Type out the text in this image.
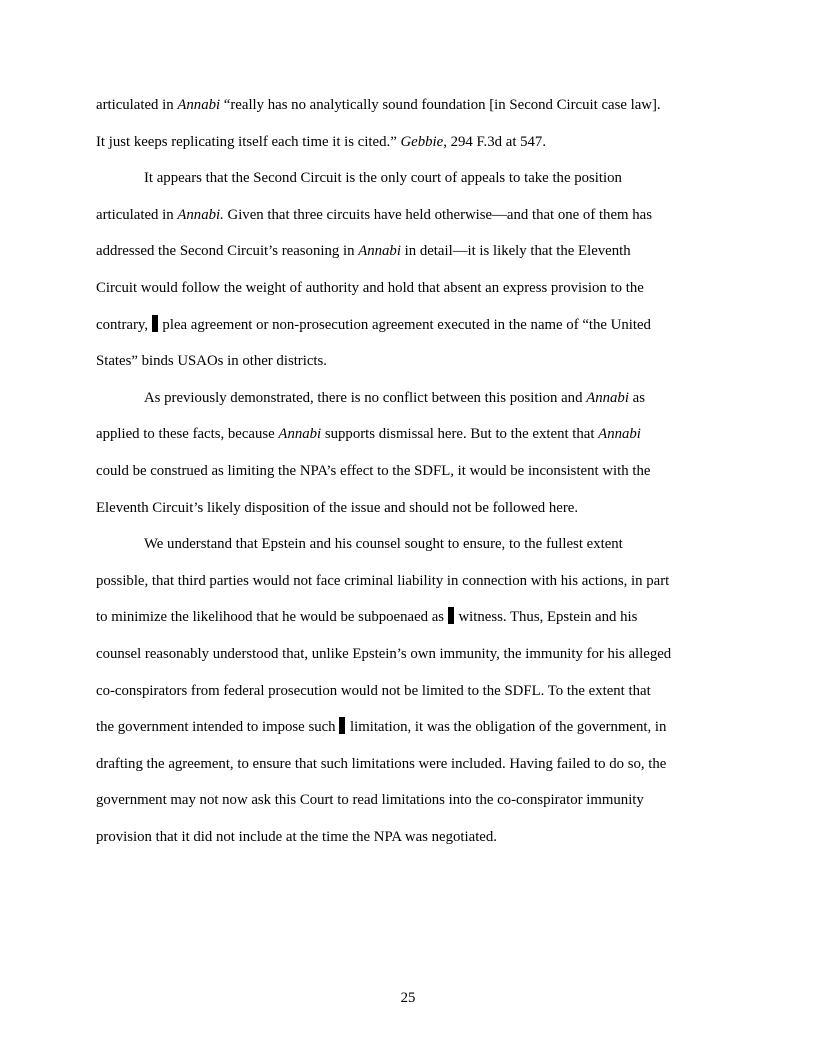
articulated in Annabi “really has no analytically sound foundation [in Second Circuit case law].
It just keeps replicating itself each time it is cited.” Gebbie, 294 F.3d at 547.
It appears that the Second Circuit is the only court of appeals to take the position
articulated in Annabi. Given that three circuits have held otherwise—and that one of them has
addressed the Second Circuit’s reasoning in Annabi in detail—it is likely that the Eleventh
Circuit would follow the weight of authority and hold that absent an express provision to the
contrary,  plea agreement or non-prosecution agreement executed in the name of “the United
States” binds USAOs in other districts.
As previously demonstrated, there is no conflict between this position and Annabi as
applied to these facts, because Annabi supports dismissal here. But to the extent that Annabi
could be construed as limiting the NPA’s effect to the SDFL, it would be inconsistent with the
Eleventh Circuit’s likely disposition of the issue and should not be followed here.
We understand that Epstein and his counsel sought to ensure, to the fullest extent
possible, that third parties would not face criminal liability in connection with his actions, in part
to minimize the likelihood that he would be subpoenaed as  witness. Thus, Epstein and his
counsel reasonably understood that, unlike Epstein’s own immunity, the immunity for his alleged
co-conspirators from federal prosecution would not be limited to the SDFL. To the extent that
the government intended to impose such  limitation, it was the obligation of the government, in
drafting the agreement, to ensure that such limitations were included. Having failed to do so, the
government may not now ask this Court to read limitations into the co-conspirator immunity
provision that it did not include at the time the NPA was negotiated.
25
